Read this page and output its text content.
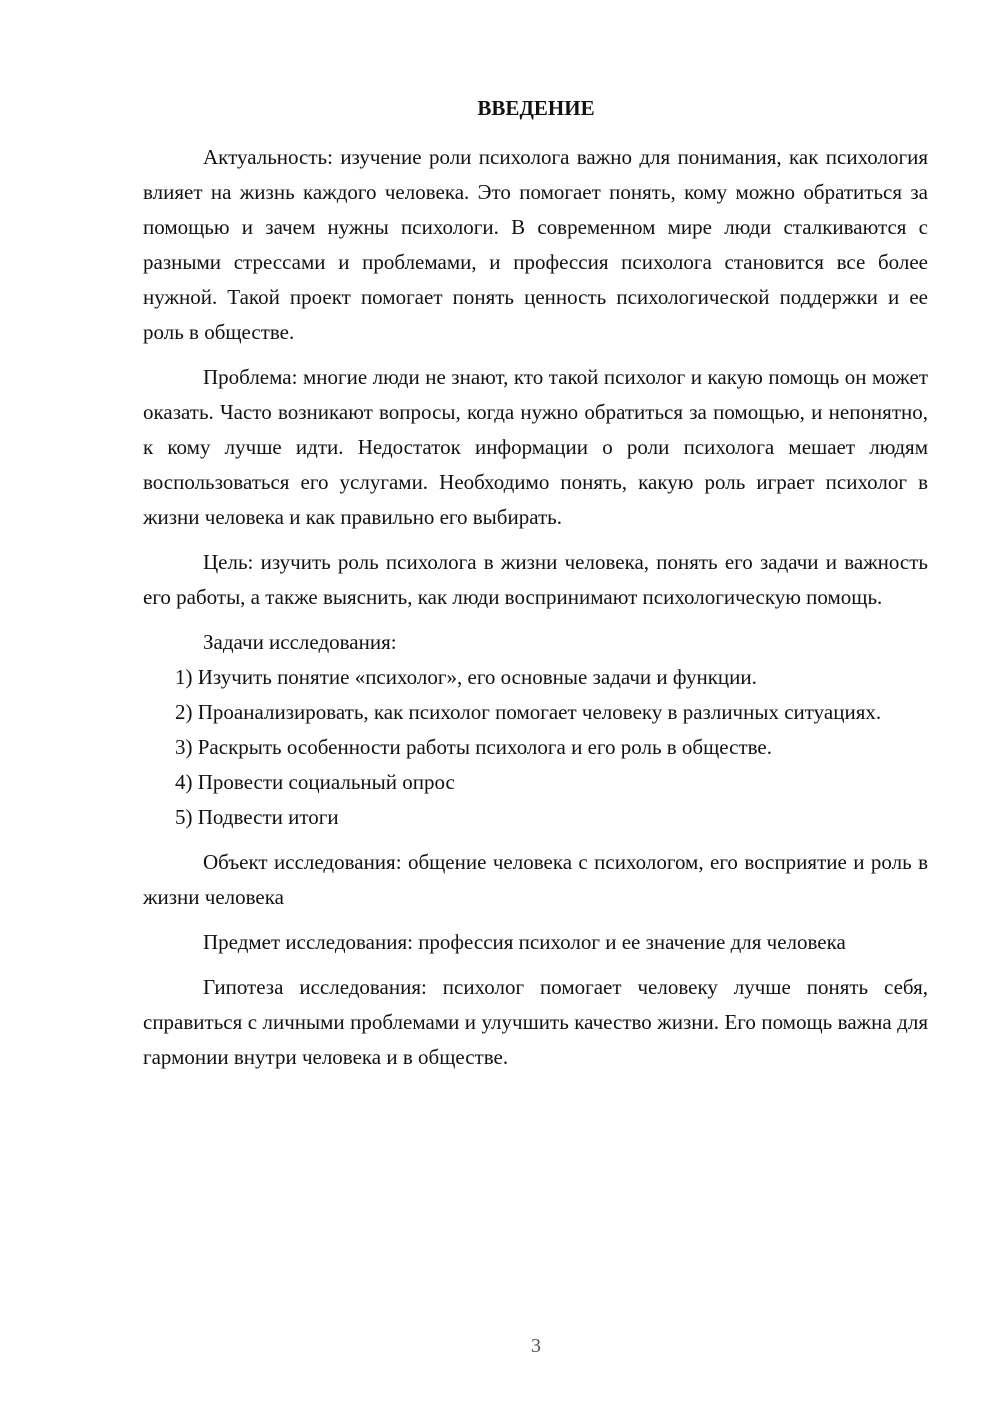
ВВЕДЕНИЕ

Актуальность: изучение роли психолога важно для понимания, как психология влияет на жизнь каждого человека. Это помогает понять, кому можно обратиться за помощью и зачем нужны психологи. В современном мире люди сталкиваются с разными стрессами и проблемами, и профессия психолога становится все более нужной. Такой проект помогает понять ценность психологической поддержки и ее роль в обществе.

Проблема: многие люди не знают, кто такой психолог и какую помощь он может оказать. Часто возникают вопросы, когда нужно обратиться за помощью, и непонятно, к кому лучше идти. Недостаток информации о роли психолога мешает людям воспользоваться его услугами. Необходимо понять, какую роль играет психолог в жизни человека и как правильно его выбирать.

Цель: изучить роль психолога в жизни человека, понять его задачи и важность его работы, а также выяснить, как люди воспринимают психологическую помощь.

Задачи исследования:

1) Изучить понятие «психолог», его основные задачи и функции.

2) Проанализировать, как психолог помогает человеку в различных ситуациях.

3) Раскрыть особенности работы психолога и его роль в обществе.

4) Провести социальный опрос

5) Подвести итоги

Объект исследования: общение человека с психологом, его восприятие и роль в жизни человека

Предмет исследования: профессия психолог и ее значение для человека

Гипотеза исследования: психолог помогает человеку лучше понять себя, справиться с личными проблемами и улучшить качество жизни. Его помощь важна для гармонии внутри человека и в обществе.

3
